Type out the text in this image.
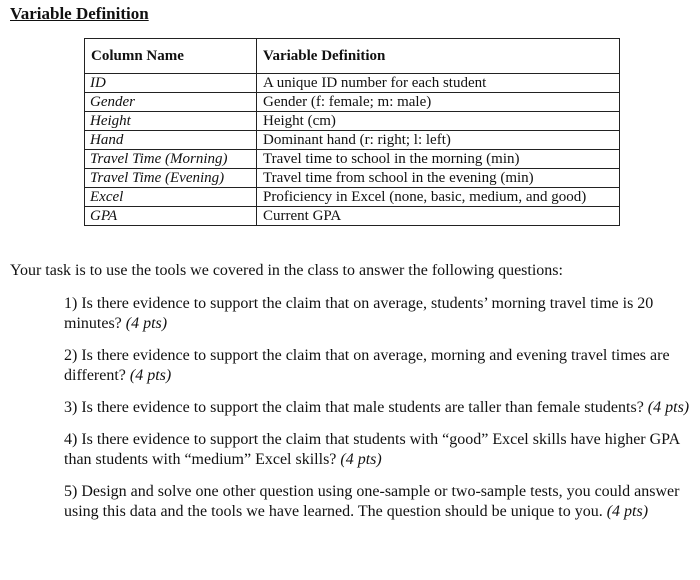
Variable Definition
Column Name	Variable Definition
ID	A unique ID number for each student
Gender	Gender (f: female; m: male)
Height	Height (cm)
Hand	Dominant hand (r: right; l: left)
Travel Time (Morning)	Travel time to school in the morning (min)
Travel Time (Evening)	Travel time from school in the evening (min)
Excel	Proficiency in Excel (none, basic, medium, and good)
GPA	Current GPA
Your task is to use the tools we covered in the class to answer the following questions:

1) Is there evidence to support the claim that on average, students’ morning travel time is 20 minutes? (4 pts)

2) Is there evidence to support the claim that on average, morning and evening travel times are different? (4 pts)

3) Is there evidence to support the claim that male students are taller than female students? (4 pts)

4) Is there evidence to support the claim that students with “good” Excel skills have higher GPA than students with “medium” Excel skills? (4 pts)

5) Design and solve one other question using one-sample or two-sample tests, you could answer using this data and the tools we have learned. The question should be unique to you. (4 pts)
